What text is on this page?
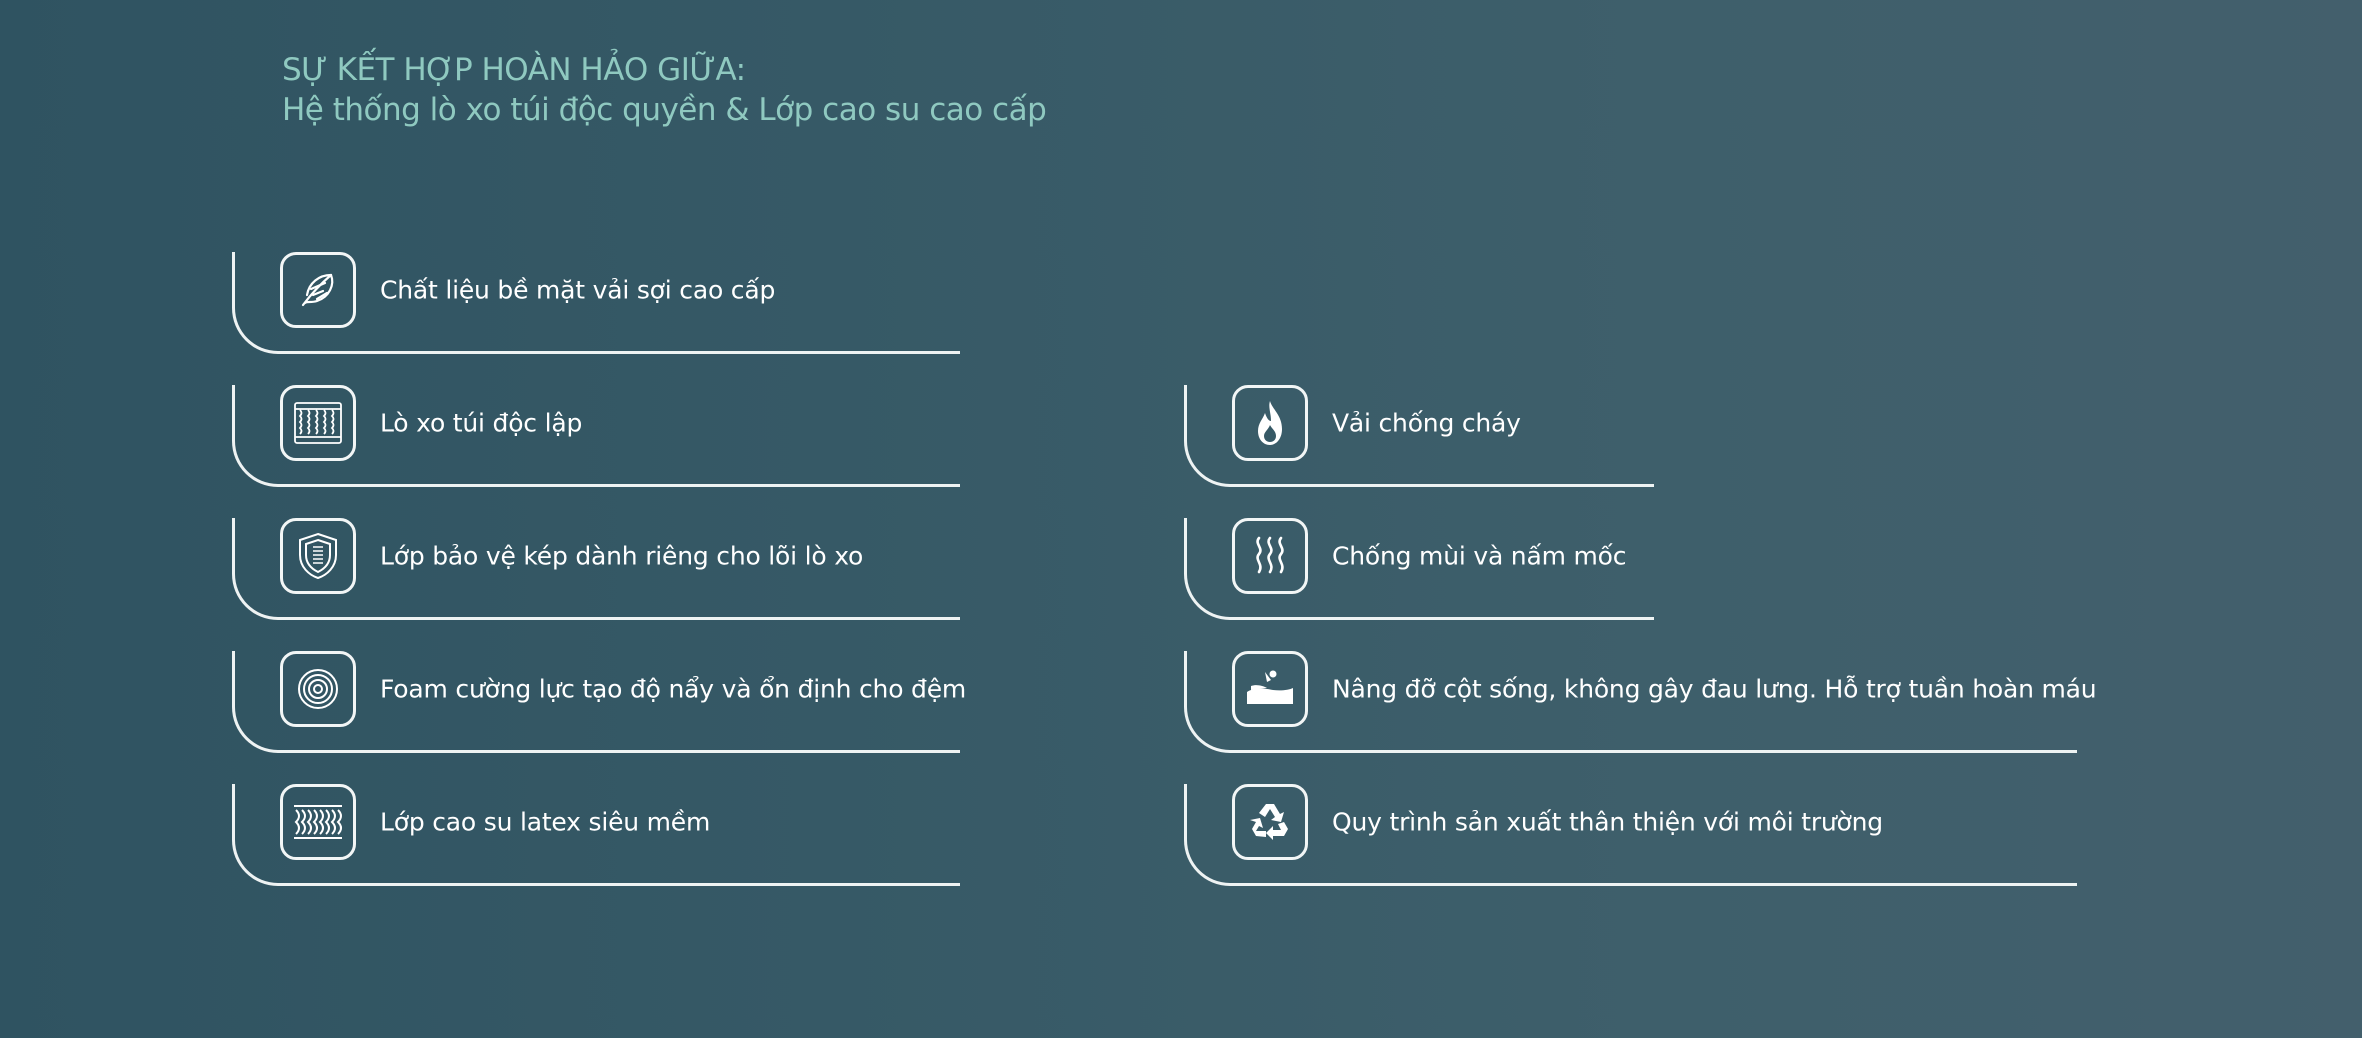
SỰ KẾT HỢP HOÀN HẢO GIỮA:
Hệ thống lò xo túi độc quyền & Lớp cao su cao cấp
Chất liệu bề mặt vải sợi cao cấp
Lò xo túi độc lập
Lớp bảo vệ kép dành riêng cho lõi lò xo
Foam cường lực tạo độ nẩy và ổn định cho đệm
Lớp cao su latex siêu mềm
Vải chống cháy
Chống mùi và nấm mốc
Nâng đỡ cột sống, không gây đau lưng. Hỗ trợ tuần hoàn máu
Quy trình sản xuất thân thiện với môi trường
